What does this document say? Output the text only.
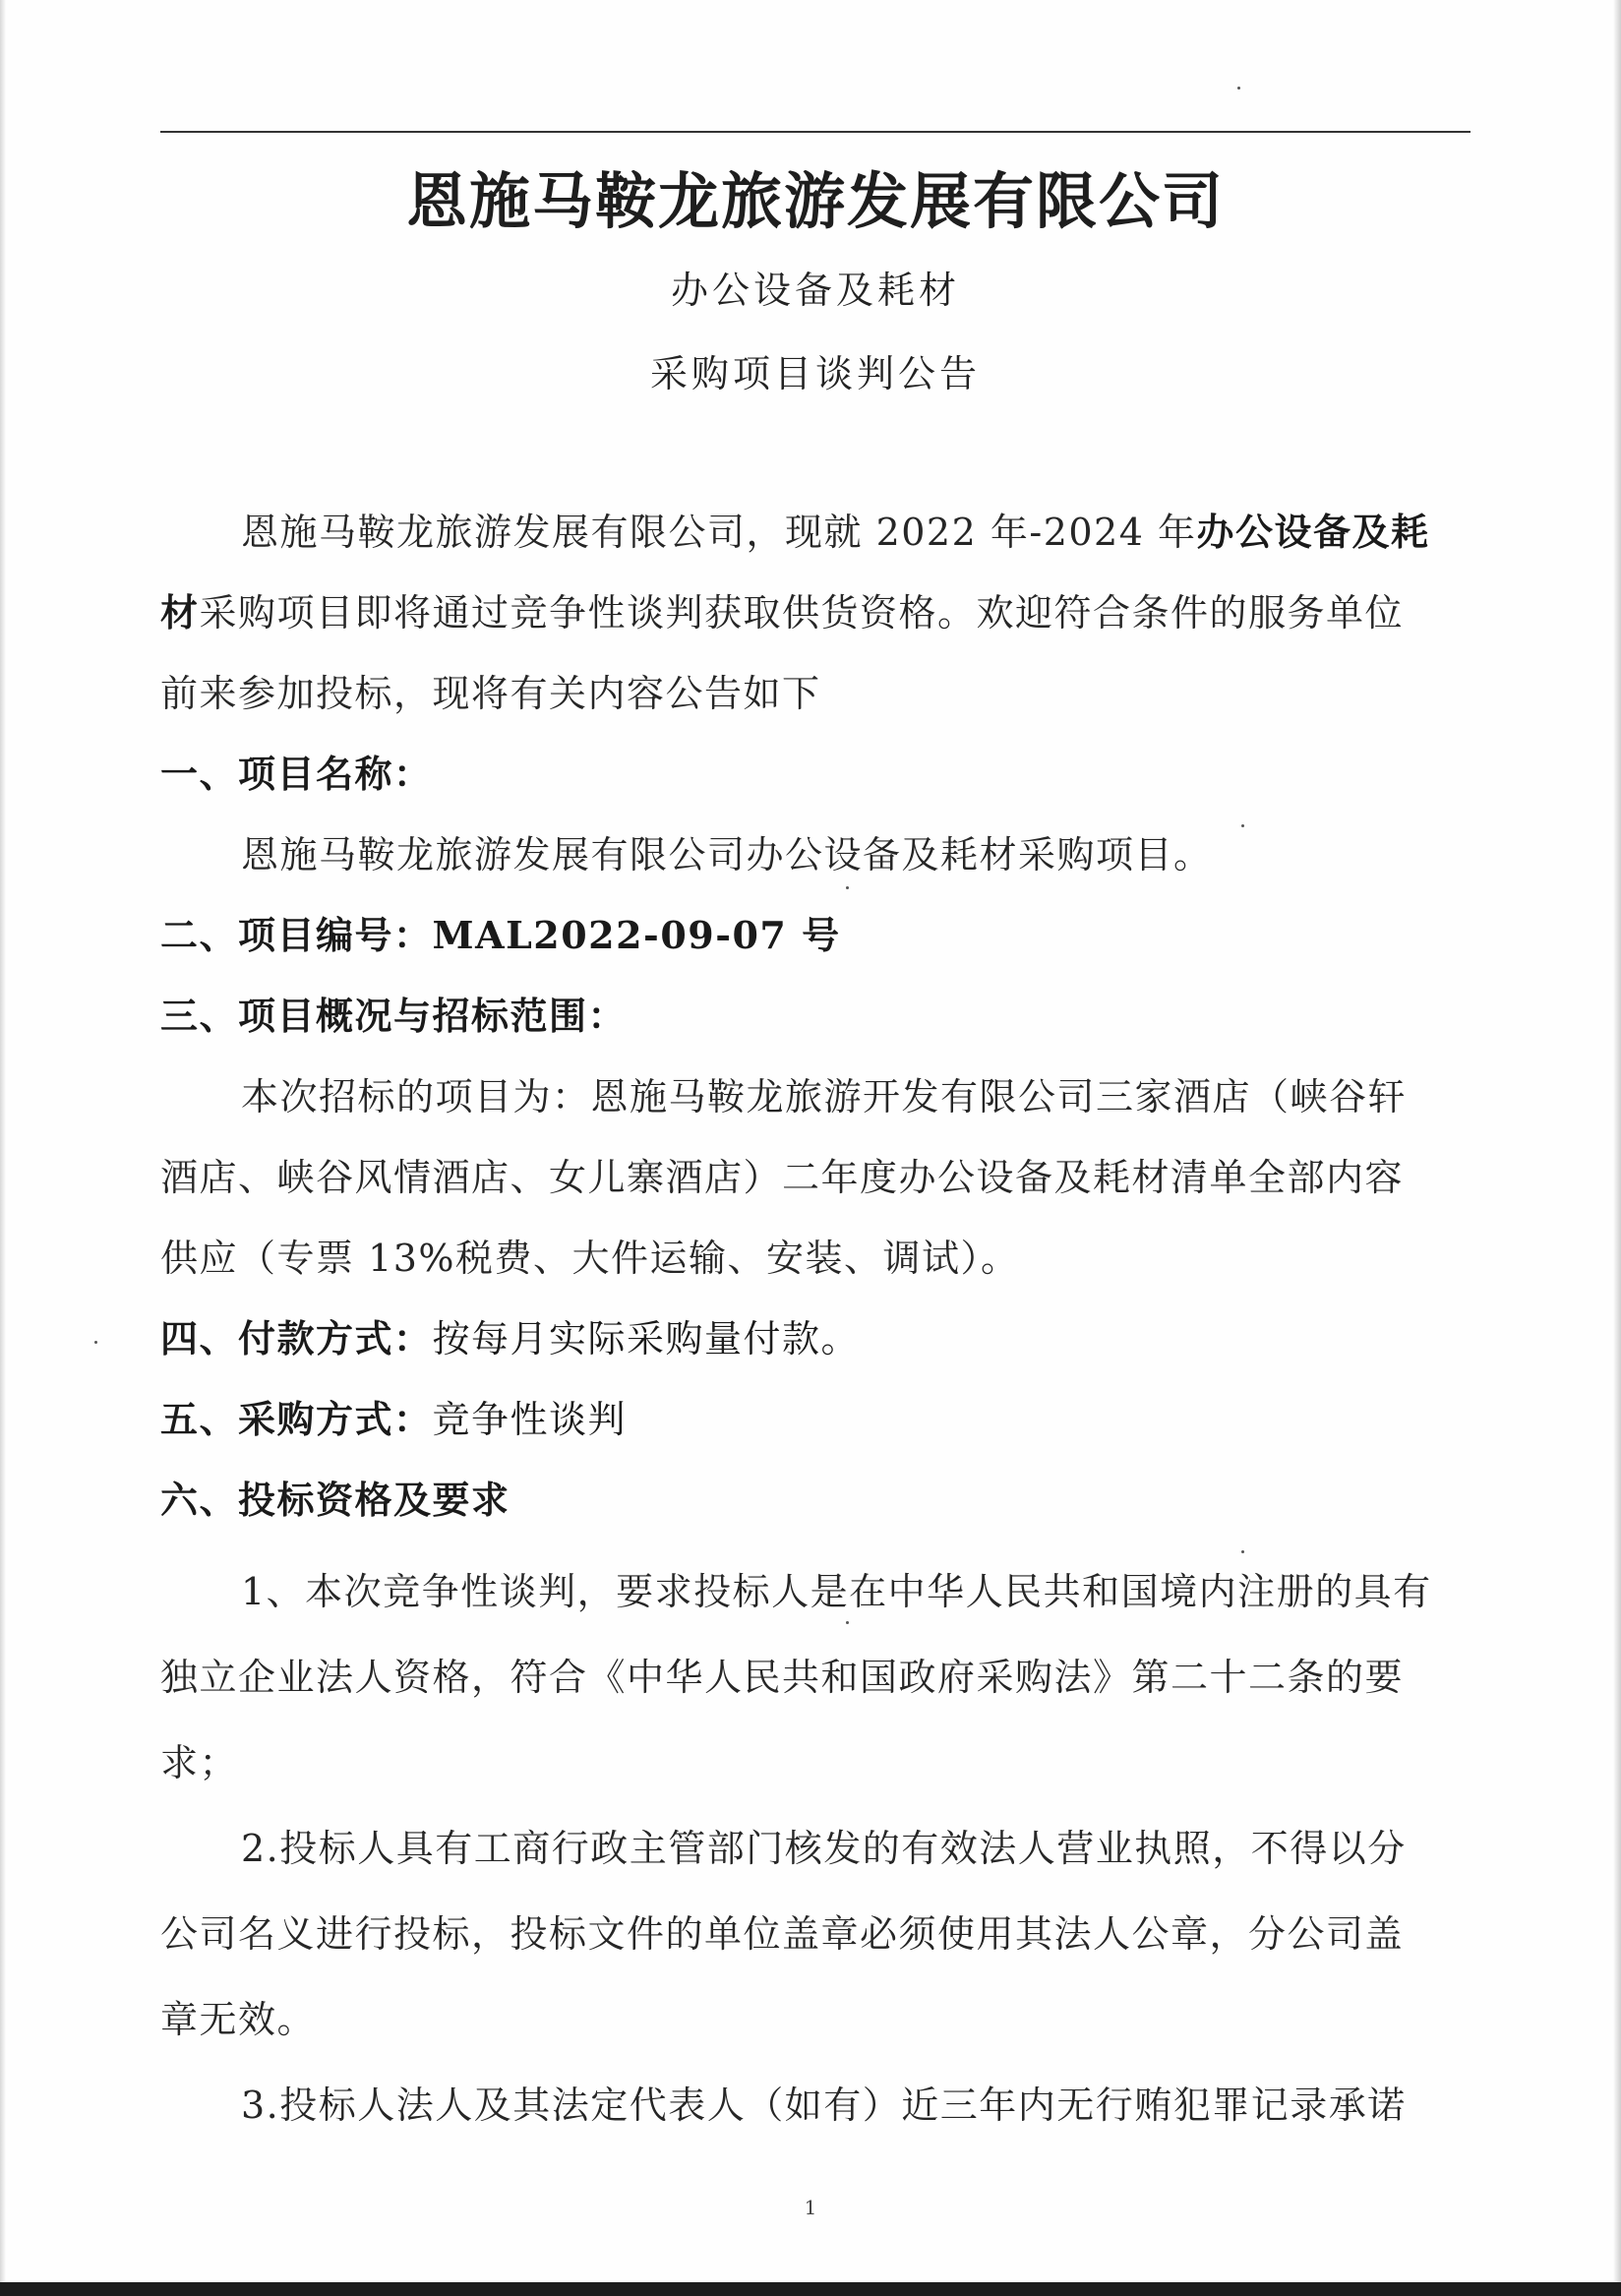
恩施马鞍龙旅游发展有限公司
办公设备及耗材
采购项目谈判公告
恩施马鞍龙旅游发展有限公司，现就 2022 年-2024 年办公设备及耗
材采购项目即将通过竞争性谈判获取供货资格。欢迎符合条件的服务单位
前来参加投标，现将有关内容公告如下
一、项目名称：
恩施马鞍龙旅游发展有限公司办公设备及耗材采购项目。
二、项目编号：MAL2022-09-07 号
三、项目概况与招标范围：
本次招标的项目为：恩施马鞍龙旅游开发有限公司三家酒店（峡谷轩
酒店、峡谷风情酒店、女儿寨酒店）二年度办公设备及耗材清单全部内容
供应（专票 13%税费、大件运输、安装、调试）。
四、付款方式：按每月实际采购量付款。
五、采购方式：竞争性谈判
六、投标资格及要求
1、本次竞争性谈判，要求投标人是在中华人民共和国境内注册的具有
独立企业法人资格，符合《中华人民共和国政府采购法》第二十二条的要
求；
2.投标人具有工商行政主管部门核发的有效法人营业执照，不得以分
公司名义进行投标，投标文件的单位盖章必须使用其法人公章，分公司盖
章无效。
3.投标人法人及其法定代表人（如有）近三年内无行贿犯罪记录承诺
1
